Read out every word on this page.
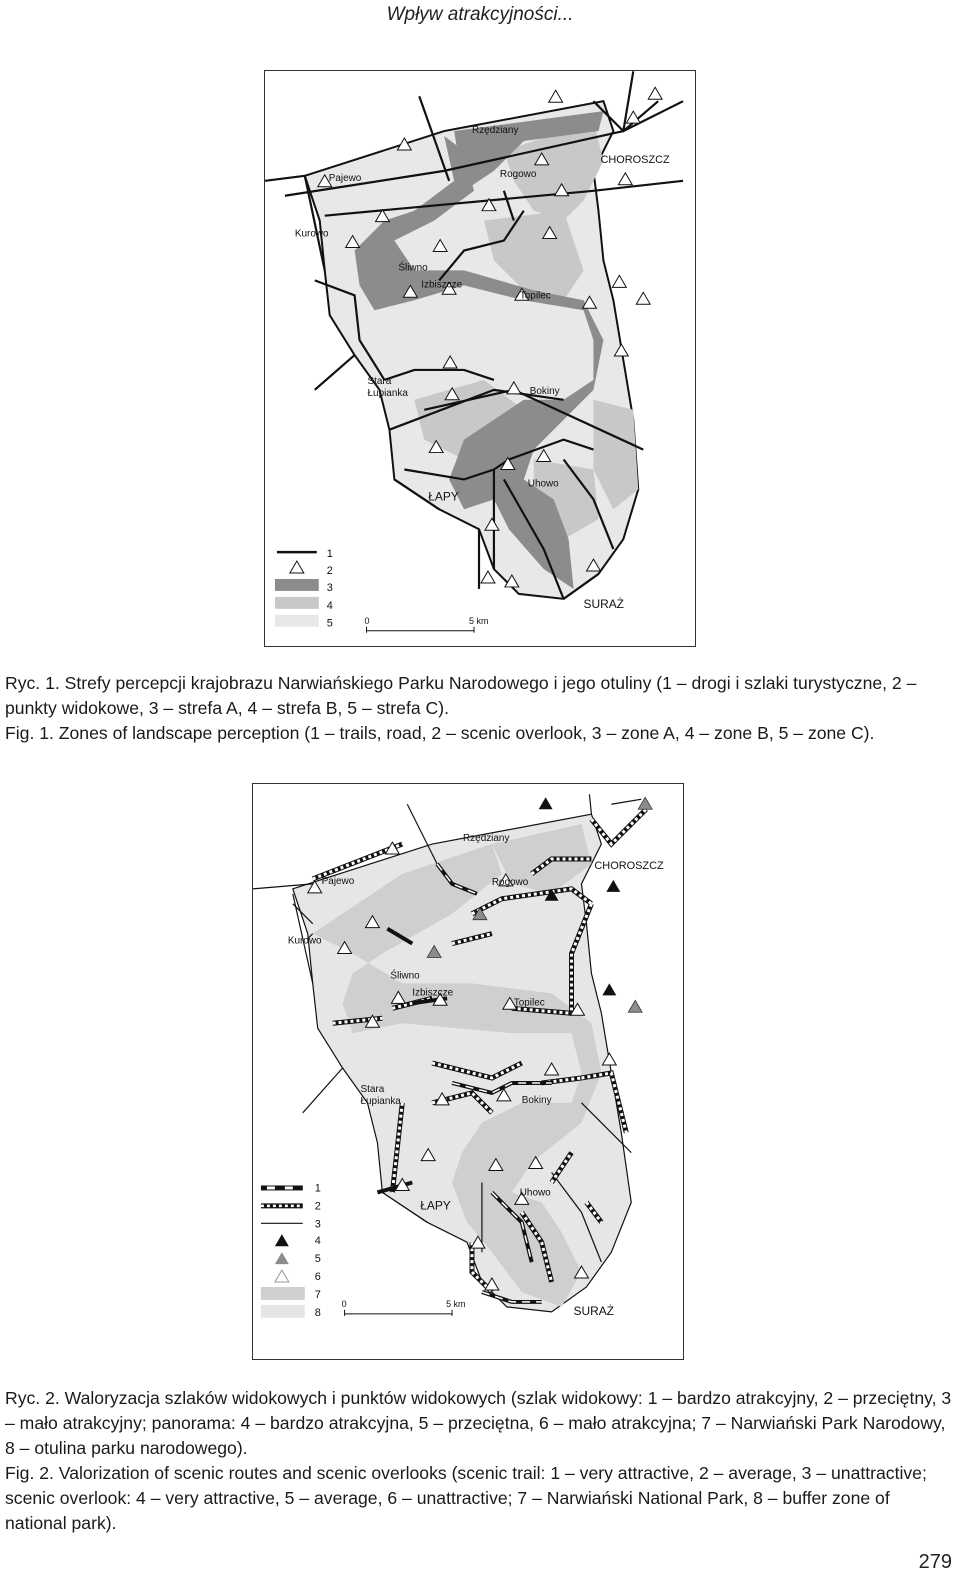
Wpływ atrakcyjności...
1
2
3
4
5	0	5 km
Rzędziany
CHOROSZCZ
Pajewo	Rogowo
Kurowo
Śliwno
Izbiszcze
Topilec
Stara
Łupianka	Bokiny
ŁAPY
Uhowo
SURAŻ

Ryc. 1. Strefy percepcji krajobrazu Narwiańskiego Parku Narodowego i jego otuliny (1 – drogi i szlaki turystyczne, 2 – punkty widokowe, 3 – strefa A, 4 – strefa B, 5 – strefa C).

Fig. 1. Zones of landscape perception (1 – trails, road, 2 – scenic overlook, 3 – zone A, 4 – zone B, 5 – zone C).

1
2
3
4
5
6
7
8
0	5 km
Rzędziany
CHOROSZCZ
Pajewo	Rogowo
Kurowo
Śliwno
Izbiszcze
Topilec
Stara
Łupianka	Bokiny
ŁAPY
Uhowo
SURAŻ

Ryc. 2. Waloryzacja szlaków widokowych i punktów widokowych (szlak widokowy: 1 – bardzo atrakcyjny, 2 – przeciętny, 3 – mało atrakcyjny; panorama: 4 – bardzo atrakcyjna, 5 – przeciętna, 6 – mało atrakcyjna; 7 – Narwiański Park Narodowy, 8 – otulina parku narodowego).

Fig. 2. Valorization of scenic routes and scenic overlooks (scenic trail: 1 – very attractive, 2 – average, 3 – unattractive; scenic overlook: 4 – very attractive, 5 – average, 6 – unattractive; 7 – Narwiański National Park, 8 – buffer zone of national park).

279
